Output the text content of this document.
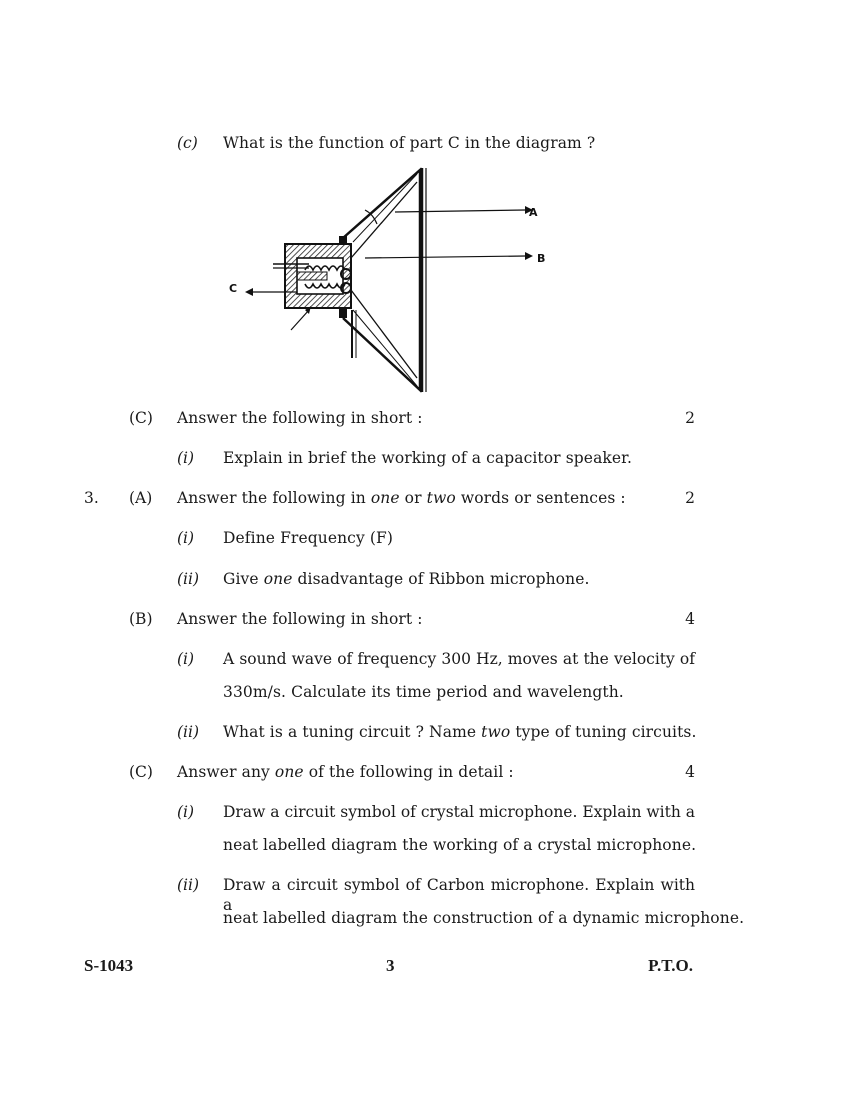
(c) What is the function of part C in the diagram ?
A
B
C
(C) Answer the following in short :	2
(i) Explain in brief the working of a capacitor speaker.
3. (A) Answer the following in one or two words or sentences :	2
(i) Define Frequency (F)
(ii) Give one disadvantage of Ribbon microphone.
(B) Answer the following in short :	4
(i) A sound wave of frequency 300 Hz, moves at the velocity of
330m/s. Calculate its time period and wavelength.
(ii) What is a tuning circuit ? Name two type of tuning circuits.
(C) Answer any one of the following in detail :	4
(i) Draw a circuit symbol of crystal microphone. Explain with a
neat labelled diagram the working of a crystal microphone.
(ii) Draw a circuit symbol of Carbon microphone. Explain with a
neat labelled diagram the construction of a dynamic microphone.
S-1043	3	P.T.O.
